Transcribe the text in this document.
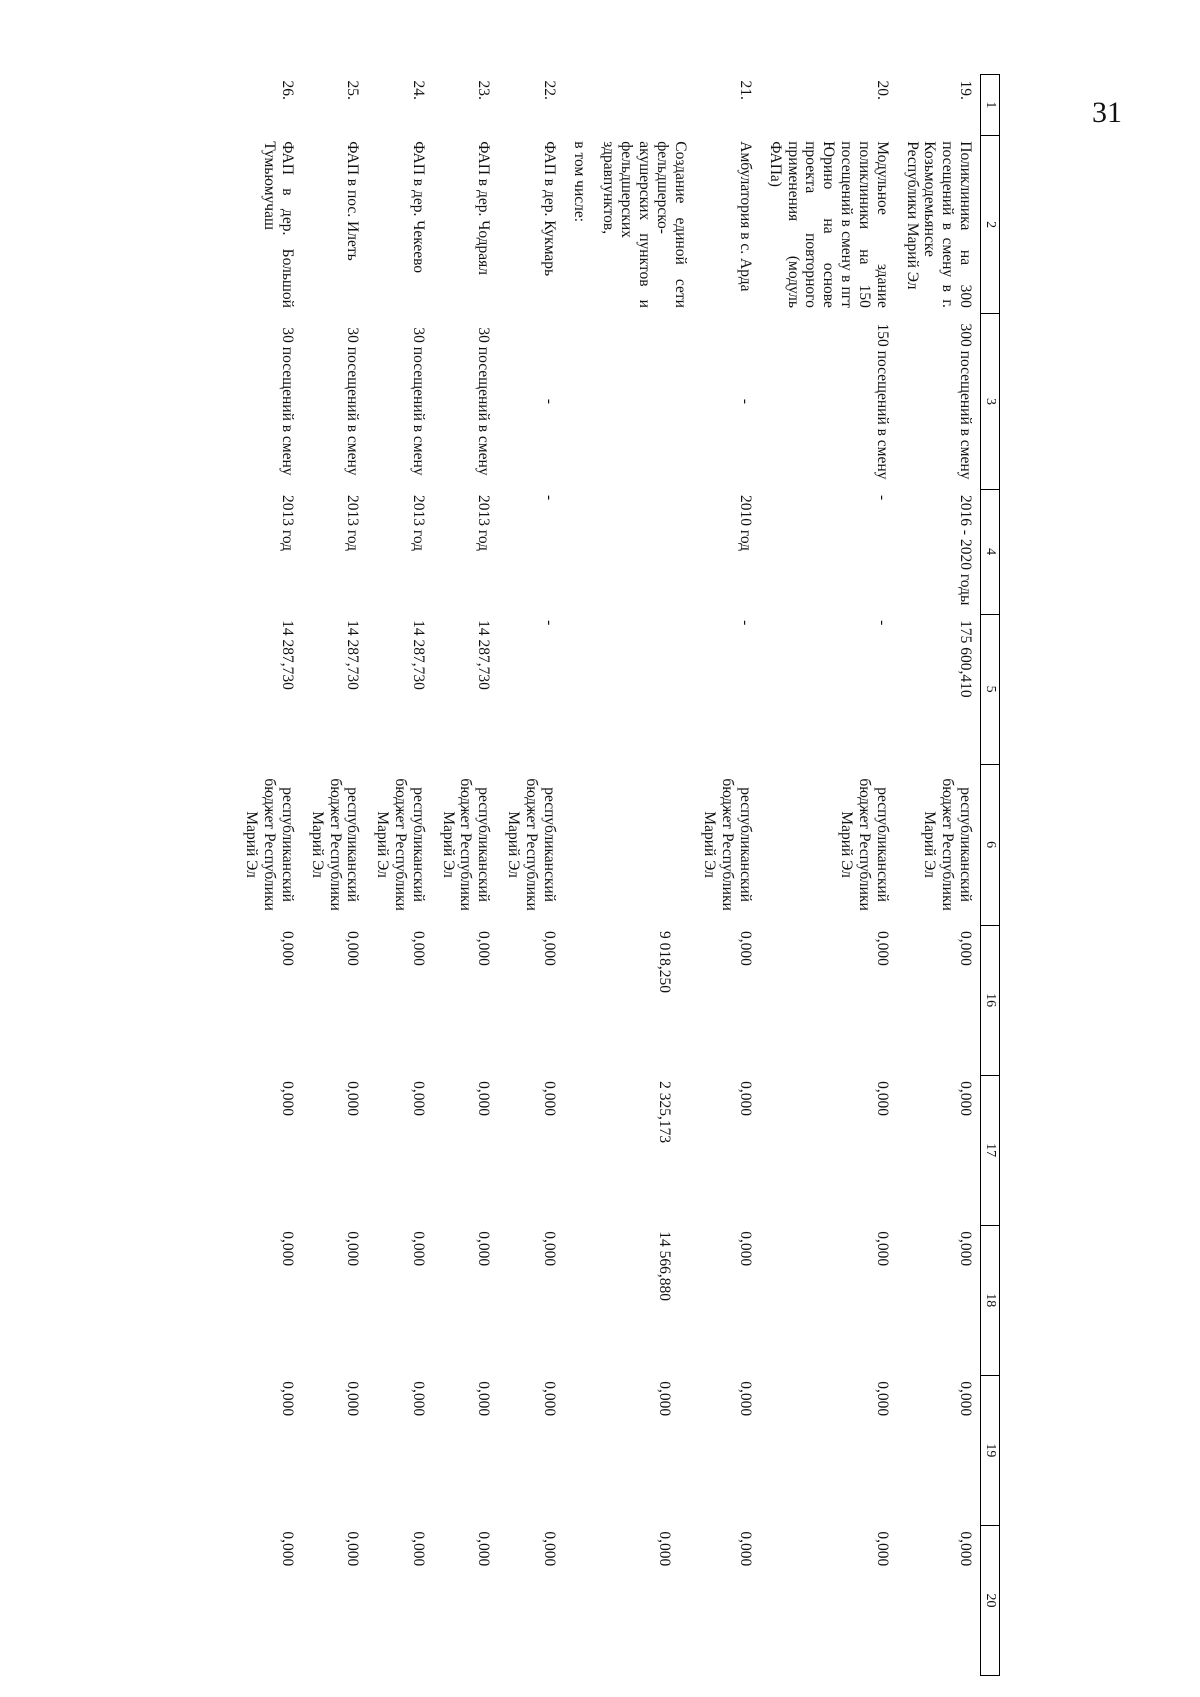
31
1	2	3	4	5	6	16	17	18	19	20
19.	Поликлиника на 300 посещений в смену в г. Козьмодемьянске Республики Марий Эл	300 посещений в смену	2016 - 2020 годы	175 600,410	республиканский бюджет Республики Марий Эл	0,000	0,000	0,000	0,000	0,000
20.	Модульное здание поликлиники на 150 посещений в смену в пгт Юрино на основе проекта повторного применения (модуль ФАПа)	150 посещений в смену	-	-	республиканский бюджет Республики Марий Эл	0,000	0,000	0,000	0,000	0,000
21.	Амбулатория в с. Арда	-	2010 год	-	республиканский бюджет Республики Марий Эл	0,000	0,000	0,000	0,000	0,000
	Создание единой сети фельдшерско-акушерских пунктов и фельдшерских здравпунктов,					9 018,250	2 325,173	14 566,880	0,000	0,000
	в том числе:									
22.	ФАП в дер. Кукмарь	-	-	-	республиканский бюджет Республики Марий Эл	0,000	0,000	0,000	0,000	0,000
23.	ФАП в дер. Чодраял	30 посещений в смену	2013 год	14 287,730	республиканский бюджет Республики Марий Эл	0,000	0,000	0,000	0,000	0,000
24.	ФАП в дер. Чекеево	30 посещений в смену	2013 год	14 287,730	республиканский бюджет Республики Марий Эл	0,000	0,000	0,000	0,000	0,000
25.	ФАП в пос. Илеть	30 посещений в смену	2013 год	14 287,730	республиканский бюджет Республики Марий Эл	0,000	0,000	0,000	0,000	0,000
26.	ФАП в дер. Большой Тумьюмучаш	30 посещений в смену	2013 год	14 287,730	республиканский бюджет Республики Марий Эл	0,000	0,000	0,000	0,000	0,000
